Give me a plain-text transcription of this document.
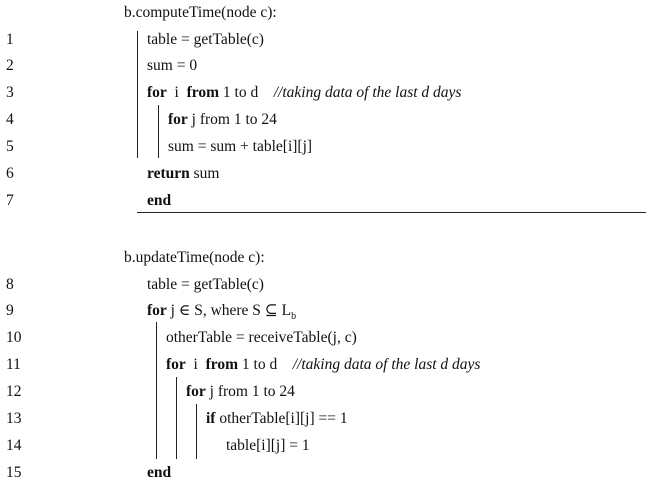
b.computeTime(node c):
1	table = getTable(c)
2	sum = 0
3	for i from 1 to d //taking data of the last d days
4	for j from 1 to 24
5	sum = sum + table[i][j]
6	return sum
7	end
b.updateTime(node c):
8	table = getTable(c)
9	for j ∈ S, where S ⊆ $L_b$
10	otherTable = receiveTable(j, c)
11	for i from 1 to d //taking data of the last d days
12	for j from 1 to 24
13	if otherTable[i][j] == 1
14	table[i][j] = 1
15	end
